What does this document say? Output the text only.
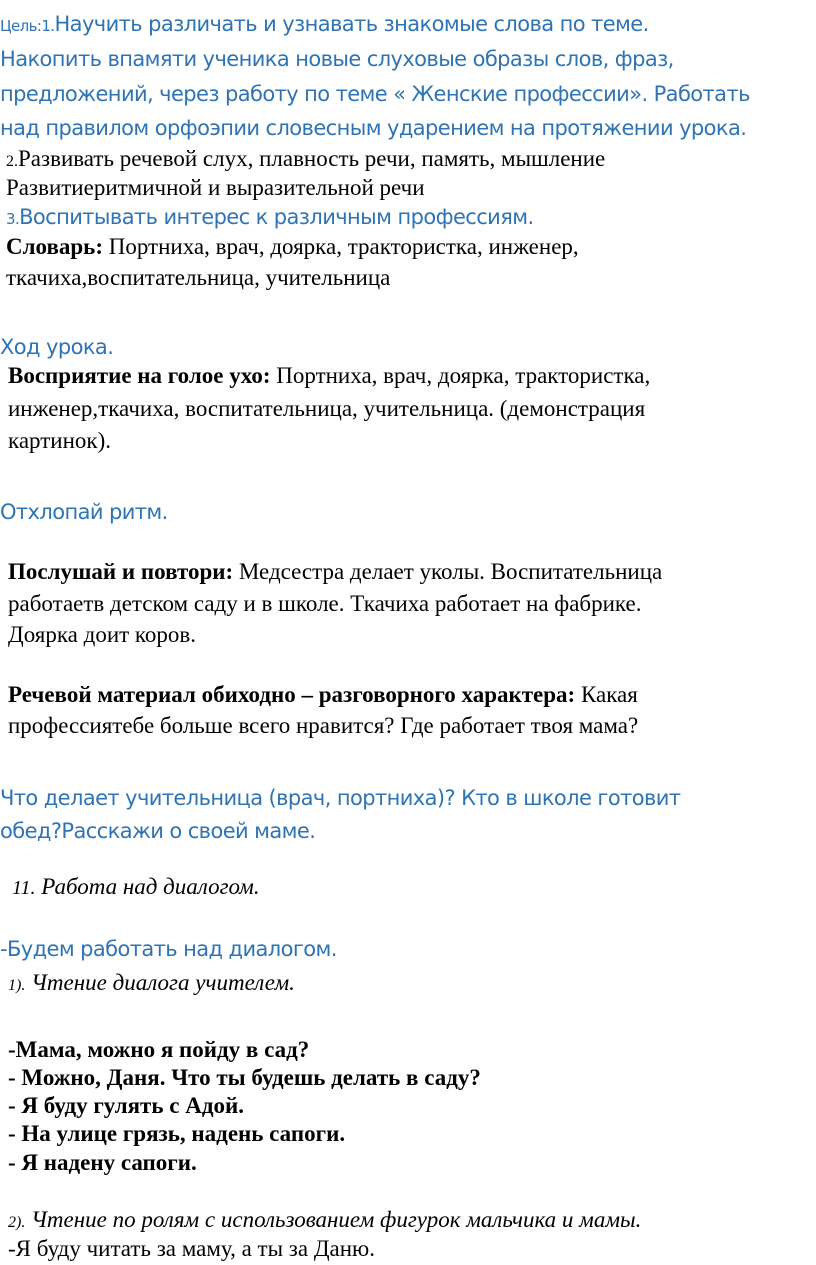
Цель:1.Научить различать и узнавать знакомые слова по теме.

Накопить впамяти ученика новые слуховые образы слов, фраз,

предложений, через работу по теме « Женские профессии». Работать

над правилом орфоэпии словесным ударением на протяжении урока.

2.Развивать речевой слух, плавность речи, память, мышление

Развитиеритмичной и выразительной речи

3.Воспитывать интерес к различным профессиям.

Словарь: Портниха, врач, доярка, трактористка, инженер,

ткачиха,воспитательница, учительница

Ход урока.

Восприятие на голое ухо: Портниха, врач, доярка, трактористка,

инженер,ткачиха, воспитательница, учительница. (демонстрация

картинок).

Отхлопай ритм.

Послушай и повтори: Медсестра делает уколы. Воспитательница

работаетв детском саду и в школе. Ткачиха работает на фабрике.

Доярка доит коров.

Речевой материал обиходно – разговорного характера: Какая

профессиятебе больше всего нравится? Где работает твоя мама?

Что делает учительница (врач, портниха)? Кто в школе готовит

обед?Расскажи о своей маме.

11. Работа над диалогом.

-Будем работать над диалогом.

1). Чтение диалога учителем.

-Мама, можно я пойду в сад?

- Можно, Даня. Что ты будешь делать в саду?

- Я буду гулять с Адой.

- На улице грязь, надень сапоги.

- Я надену сапоги.

2). Чтение по ролям с использованием фигурок мальчика и мамы.

-Я буду читать за маму, а ты за Даню.
